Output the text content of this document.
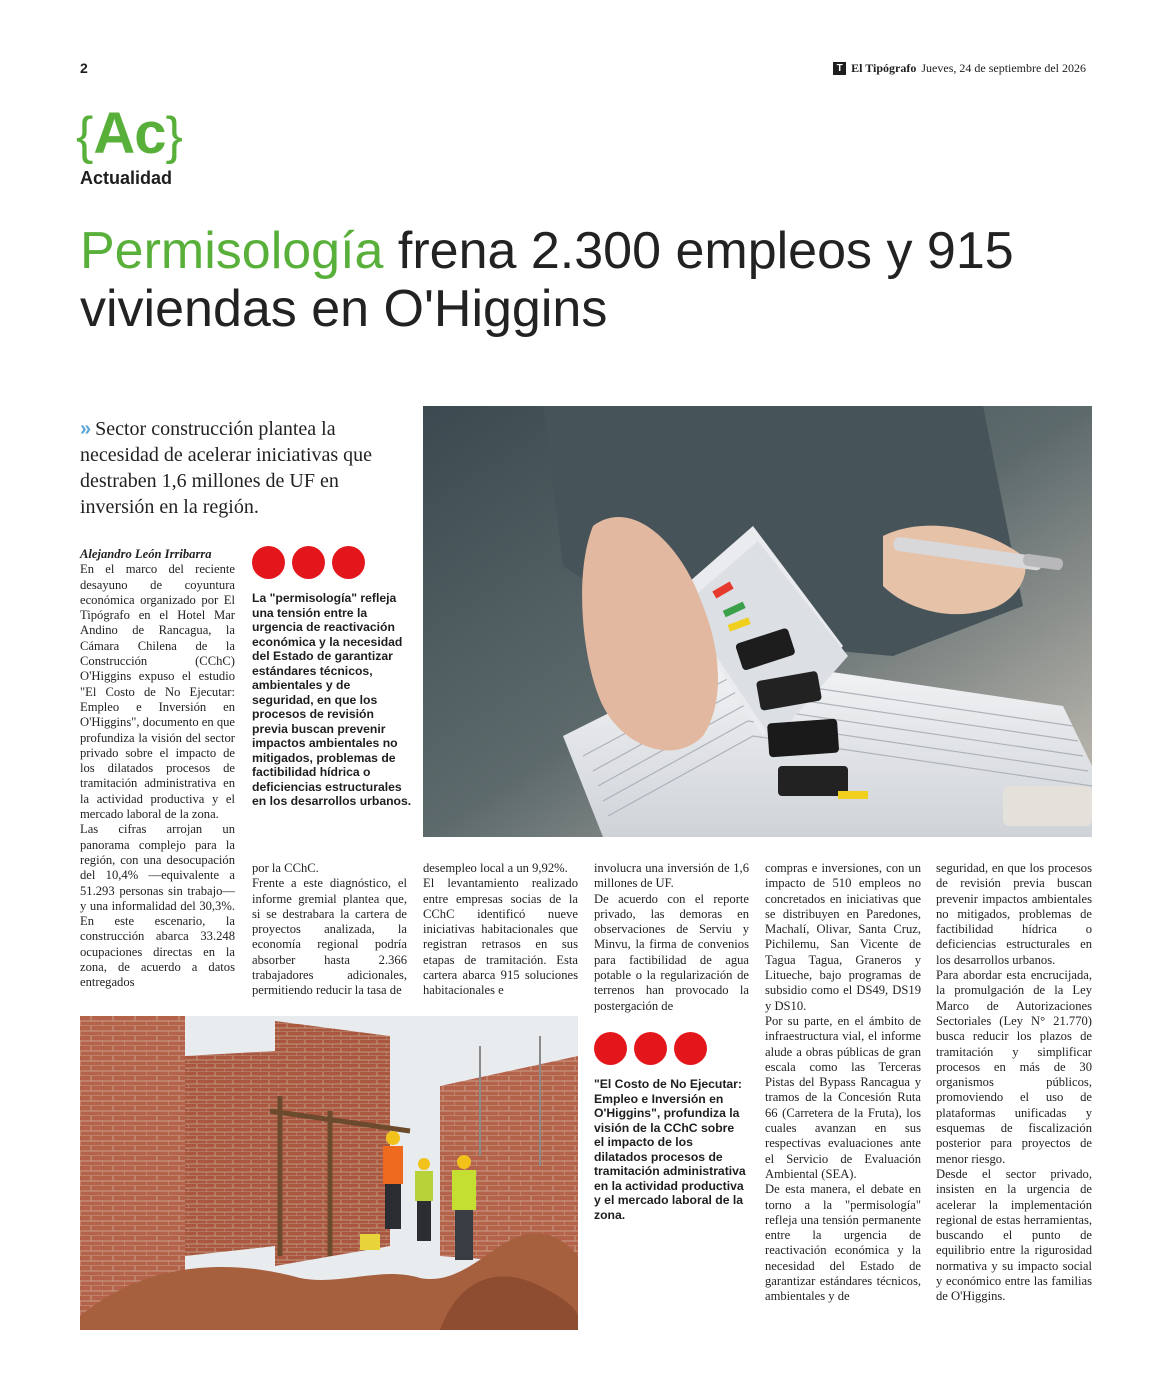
2	T El Tipógrafo Jueves, 24 de septiembre del 2026
{Ac}
Actualidad
Permisología frena 2.300 empleos y 915 viviendas en O'Higgins
» Sector construcción plantea la necesidad de acelerar iniciativas que destraben 1,6 millones de UF en inversión en la región.

Alejandro León Irribarra

En el marco del reciente desayuno de coyuntura económica organizado por El Tipógrafo en el Hotel Mar Andino de Rancagua, la Cámara Chilena de la Construcción (CChC) O'Higgins expuso el estudio "El Costo de No Ejecutar: Empleo e Inversión en O'Higgins", documento en que profundiza la visión del sector privado sobre el impacto de los dilatados procesos de tramitación administrativa en la actividad productiva y el mercado laboral de la zona.

Las cifras arrojan un panorama complejo para la región, con una desocupación del 10,4% —equivalente a 51.293 personas sin trabajo— y una informalidad del 30,3%. En este escenario, la construcción abarca 33.248 ocupaciones directas en la zona, de acuerdo a datos entregados

La "permisología" refleja una tensión entre la urgencia de reactivación económica y la necesidad del Estado de garantizar estándares técnicos, ambientales y de seguridad, en que los procesos de revisión previa buscan prevenir impactos ambientales no mitigados, problemas de factibilidad hídrica o deficiencias estructurales en los desarrollos urbanos.

por la CChC.

Frente a este diagnóstico, el informe gremial plantea que, si se destrabara la cartera de proyectos analizada, la economía regional podría absorber hasta 2.366 trabajadores adicionales, permitiendo reducir la tasa de

desempleo local a un 9,92%.

El levantamiento realizado entre empresas socias de la CChC identificó nueve iniciativas habitacionales que registran retrasos en sus etapas de tramitación. Esta cartera abarca 915 soluciones habitacionales e

involucra una inversión de 1,6 millones de UF.

De acuerdo con el reporte privado, las demoras en observaciones de Serviu y Minvu, la firma de convenios para factibilidad de agua potable o la regularización de terrenos han provocado la postergación de

"El Costo de No Ejecutar: Empleo e Inversión en O'Higgins", profundiza la visión de la CChC sobre el impacto de los dilatados procesos de tramitación administrativa en la actividad productiva y el mercado laboral de la zona.

compras e inversiones, con un impacto de 510 empleos no concretados en iniciativas que se distribuyen en Paredones, Machalí, Olivar, Santa Cruz, Pichilemu, San Vicente de Tagua Tagua, Graneros y Litueche, bajo programas de subsidio como el DS49, DS19 y DS10.

Por su parte, en el ámbito de infraestructura vial, el informe alude a obras públicas de gran escala como las Terceras Pistas del Bypass Rancagua y tramos de la Concesión Ruta 66 (Carretera de la Fruta), los cuales avanzan en sus respectivas evaluaciones ante el Servicio de Evaluación Ambiental (SEA).

De esta manera, el debate en torno a la "permisología" refleja una tensión permanente entre la urgencia de reactivación económica y la necesidad del Estado de garantizar estándares técnicos, ambientales y de

seguridad, en que los procesos de revisión previa buscan prevenir impactos ambientales no mitigados, problemas de factibilidad hídrica o deficiencias estructurales en los desarrollos urbanos.

Para abordar esta encrucijada, la promulgación de la Ley Marco de Autorizaciones Sectoriales (Ley N° 21.770) busca reducir los plazos de tramitación y simplificar procesos en más de 30 organismos públicos, promoviendo el uso de plataformas unificadas y esquemas de fiscalización posterior para proyectos de menor riesgo.

Desde el sector privado, insisten en la urgencia de acelerar la implementación regional de estas herramientas, buscando el punto de equilibrio entre la rigurosidad normativa y su impacto social y económico entre las familias de O'Higgins.
